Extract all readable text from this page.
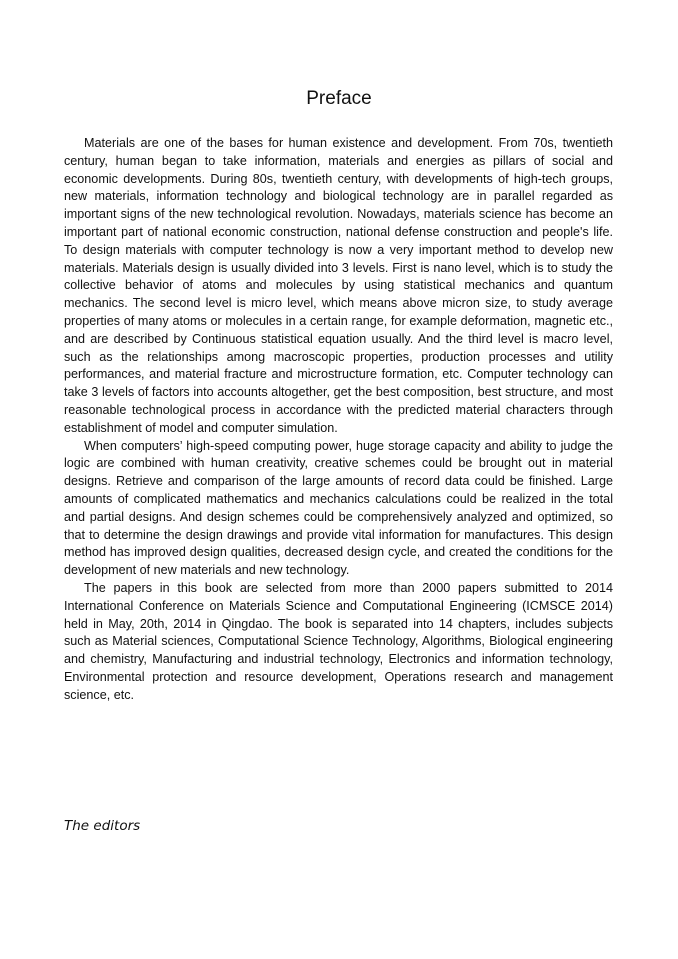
Preface

Materials are one of the bases for human existence and development. From 70s, twentieth century, human began to take information, materials and energies as pillars of social and economic developments. During 80s, twentieth century, with developments of high-tech groups, new materials, information technology and biological technology are in parallel regarded as important signs of the new technological revolution. Nowadays, materials science has become an important part of national economic construction, national defense construction and people's life. To design materials with computer technology is now a very important method to develop new materials. Materials design is usually divided into 3 levels. First is nano level, which is to study the collective behavior of atoms and molecules by using statistical mechanics and quantum mechanics. The second level is micro level, which means above micron size, to study average properties of many atoms or molecules in a certain range, for example deformation, magnetic etc., and are described by Continuous statistical equation usually. And the third level is macro level, such as the relationships among macroscopic properties, production processes and utility performances, and material fracture and microstructure formation, etc. Computer technology can take 3 levels of factors into accounts altogether, get the best composition, best structure, and most reasonable technological process in accordance with the predicted material characters through establishment of model and computer simulation.

When computers’ high-speed computing power, huge storage capacity and ability to judge the logic are combined with human creativity, creative schemes could be brought out in material designs. Retrieve and comparison of the large amounts of record data could be finished. Large amounts of complicated mathematics and mechanics calculations could be realized in the total and partial designs. And design schemes could be comprehensively analyzed and optimized, so that to determine the design drawings and provide vital information for manufactures. This design method has improved design qualities, decreased design cycle, and created the conditions for the development of new materials and new technology.

The papers in this book are selected from more than 2000 papers submitted to 2014 International Conference on Materials Science and Computational Engineering (ICMSCE 2014) held in May, 20th, 2014 in Qingdao. The book is separated into 14 chapters, includes subjects such as Material sciences, Computational Science Technology, Algorithms, Biological engineering and chemistry, Manufacturing and industrial technology, Electronics and information technology, Environmental protection and resource development, Operations research and management science, etc.

The editors
